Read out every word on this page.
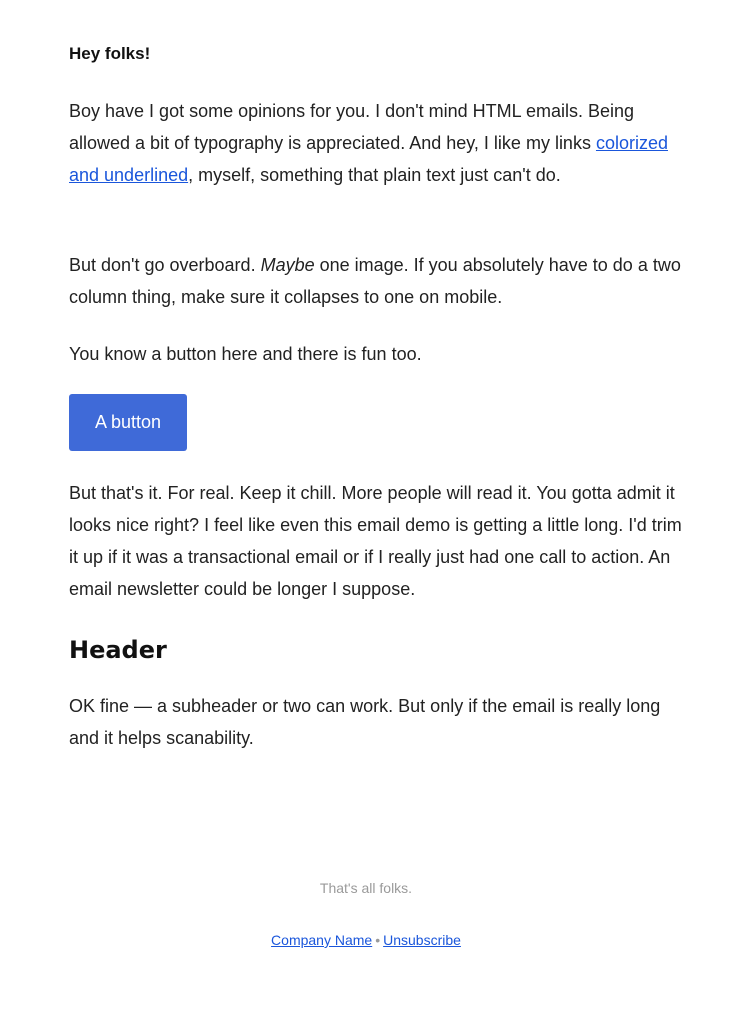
Hey folks!

Boy have I got some opinions for you. I don't mind HTML emails. Being allowed a bit of typography is appreciated. And hey, I like my links colorized and underlined, myself, something that plain text just can't do.

But don't go overboard. Maybe one image. If you absolutely have to do a two column thing, make sure it collapses to one on mobile.

You know a button here and there is fun too.

A button

But that's it. For real. Keep it chill. More people will read it. You gotta admit it looks nice right? I feel like even this email demo is getting a little long. I'd trim it up if it was a transactional email or if I really just had one call to action. An email newsletter could be longer I suppose.

Header

OK fine — a subheader or two can work. But only if the email is really long and it helps scanability.

That's all folks.
Company Name • Unsubscribe
